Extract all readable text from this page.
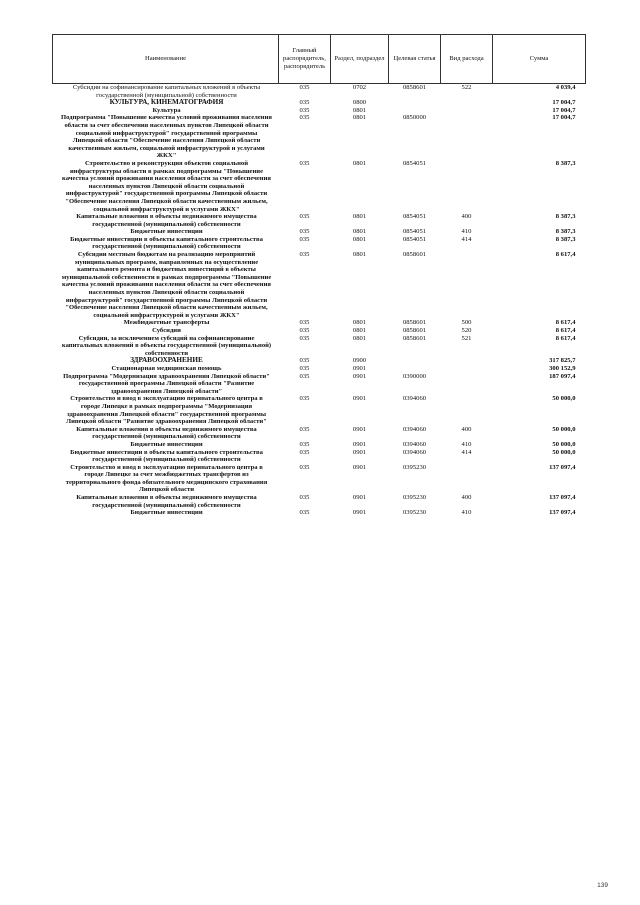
Наименование	Главный распорядитель, распорядитель	Раздел, подраздел	Целевая статья	Вид расхода	Сумма
Субсидии на софинансирование капитальных вложений в объекты государственной (муниципальной) собственности	035	0702	0858601	522	4 039,4
КУЛЬТУРА, КИНЕМАТОГРАФИЯ	035	0800			17 004,7
Культура	035	0801			17 004,7
Подпрограмма "Повышение качества условий проживания населения области за счет обеспечения населенных пунктов Липецкой области социальной инфраструктурой" государственной программы Липецкой области "Обеспечение населения Липецкой области качественным жильем, социальной инфраструктурой и услугами ЖКХ"	035	0801	0850000		17 004,7
Строительство и реконструкция объектов социальной инфраструктуры области в рамках подпрограммы "Повышение качества условий проживания населения области за счет обеспечения населенных пунктов Липецкой области социальной инфраструктурой" государственной программы Липецкой области "Обеспечение населения Липецкой области качественным жильем, социальной инфраструктурой и услугами ЖКХ"	035	0801	0854051		8 387,3
Капитальные вложения в объекты недвижимого имущества государственной (муниципальной) собственности	035	0801	0854051	400	8 387,3
Бюджетные инвестиции	035	0801	0854051	410	8 387,3
Бюджетные инвестиции в объекты капитального строительства государственной (муниципальной) собственности	035	0801	0854051	414	8 387,3
Субсидии местным бюджетам на реализацию мероприятий муниципальных программ, направленных на осуществление капитального ремонта и бюджетных инвестиций в объекты муниципальной собственности в рамках подпрограммы "Повышение качества условий проживания населения области за счет обеспечения населенных пунктов Липецкой области социальной инфраструктурой" государственной программы Липецкой области "Обеспечение населения Липецкой области качественным жильем, социальной инфраструктурой и услугами ЖКХ"	035	0801	0858601		8 617,4
Межбюджетные трансферты	035	0801	0858601	500	8 617,4
Субсидии	035	0801	0858601	520	8 617,4
Субсидии, за исключением субсидий на софинансирование капитальных вложений в объекты государственной (муниципальной) собственности	035	0801	0858601	521	8 617,4
ЗДРАВООХРАНЕНИЕ	035	0900			317 825,7
Стационарная медицинская помощь	035	0901			300 152,9
Подпрограмма "Модернизация здравоохранения Липецкой области" государственной программы Липецкой области "Развитие здравоохранения Липецкой области"	035	0901	0390000		187 097,4
Строительство и ввод в эксплуатацию перинатального центра в городе Липецке в рамках подпрограммы "Модернизация здравоохранения Липецкой области" государственной программы Липецкой области "Развитие здравоохранения Липецкой области"	035	0901	0394060		50 000,0
Капитальные вложения в объекты недвижимого имущества государственной (муниципальной) собственности	035	0901	0394060	400	50 000,0
Бюджетные инвестиции	035	0901	0394060	410	50 000,0
Бюджетные инвестиции в объекты капитального строительства государственной (муниципальной) собственности	035	0901	0394060	414	50 000,0
Строительство и ввод в эксплуатацию перинатального центра в городе Липецке за счет межбюджетных трансфертов из территориального фонда обязательного медицинского страхования Липецкой области	035	0901	0395230		137 097,4
Капитальные вложения в объекты недвижимого имущества государственной (муниципальной) собственности	035	0901	0395230	400	137 097,4
Бюджетные инвестиции	035	0901	0395230	410	137 097,4
139
